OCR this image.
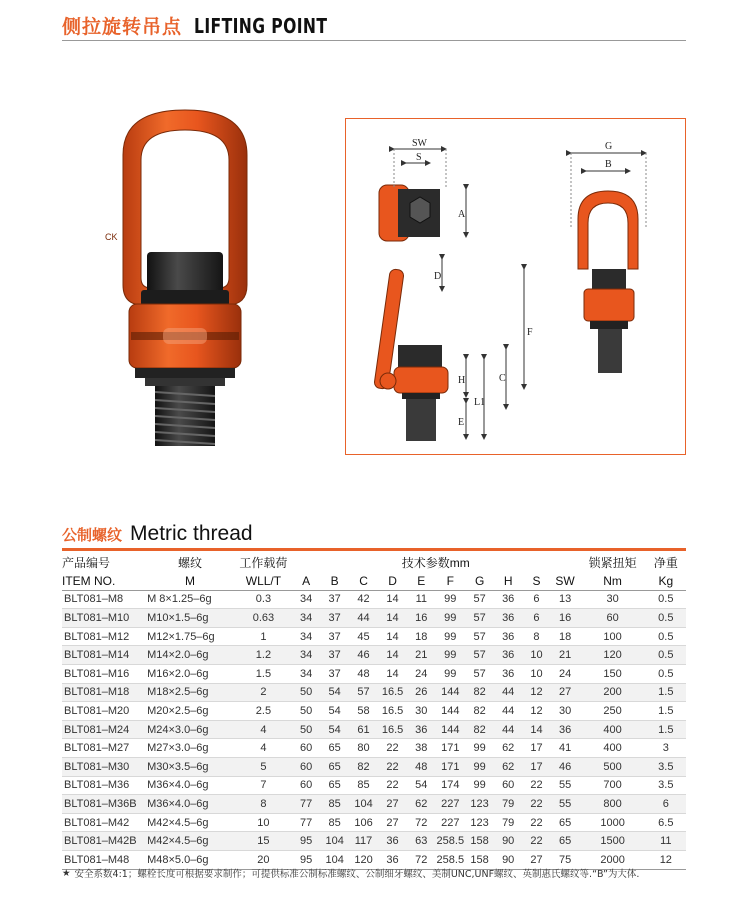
侧拉旋转吊点 LIFTING POINT
CK
SW
S
A
D
F
C
H
L1
E
G
B
公制螺纹 Metric thread
产品编号	螺纹	工作载荷	技术参数mm										锁紧扭矩	净重
ITEM NO.	M	WLL/T	A	B	C	D	E	F	G	H	S	SW	Nm	Kg
BLT081–M8	M 8×1.25–6g	0.3	34	37	42	14	11	99	57	36	6	13	30	0.5
BLT081–M10	M10×1.5–6g	0.63	34	37	44	14	16	99	57	36	6	16	60	0.5
BLT081–M12	M12×1.75–6g	1	34	37	45	14	18	99	57	36	8	18	100	0.5
BLT081–M14	M14×2.0–6g	1.2	34	37	46	14	21	99	57	36	10	21	120	0.5
BLT081–M16	M16×2.0–6g	1.5	34	37	48	14	24	99	57	36	10	24	150	0.5
BLT081–M18	M18×2.5–6g	2	50	54	57	16.5	26	144	82	44	12	27	200	1.5
BLT081–M20	M20×2.5–6g	2.5	50	54	58	16.5	30	144	82	44	12	30	250	1.5
BLT081–M24	M24×3.0–6g	4	50	54	61	16.5	36	144	82	44	14	36	400	1.5
BLT081–M27	M27×3.0–6g	4	60	65	80	22	38	171	99	62	17	41	400	3
BLT081–M30	M30×3.5–6g	5	60	65	82	22	48	171	99	62	17	46	500	3.5
BLT081–M36	M36×4.0–6g	7	60	65	85	22	54	174	99	60	22	55	700	3.5
BLT081–M36B	M36×4.0–6g	8	77	85	104	27	62	227	123	79	22	55	800	6
BLT081–M42	M42×4.5–6g	10	77	85	106	27	72	227	123	79	22	65	1000	6.5
BLT081–M42B	M42×4.5–6g	15	95	104	117	36	63	258.5	158	90	22	65	1500	11
BLT081–M48	M48×5.0–6g	20	95	104	120	36	72	258.5	158	90	27	75	2000	12
★ 安全系数4:1；螺栓长度可根据要求制作；可提供标准公制标准螺纹、公制细牙螺纹、美制UNC,UNF螺纹、英制惠氏螺纹等.“B”为大体.
